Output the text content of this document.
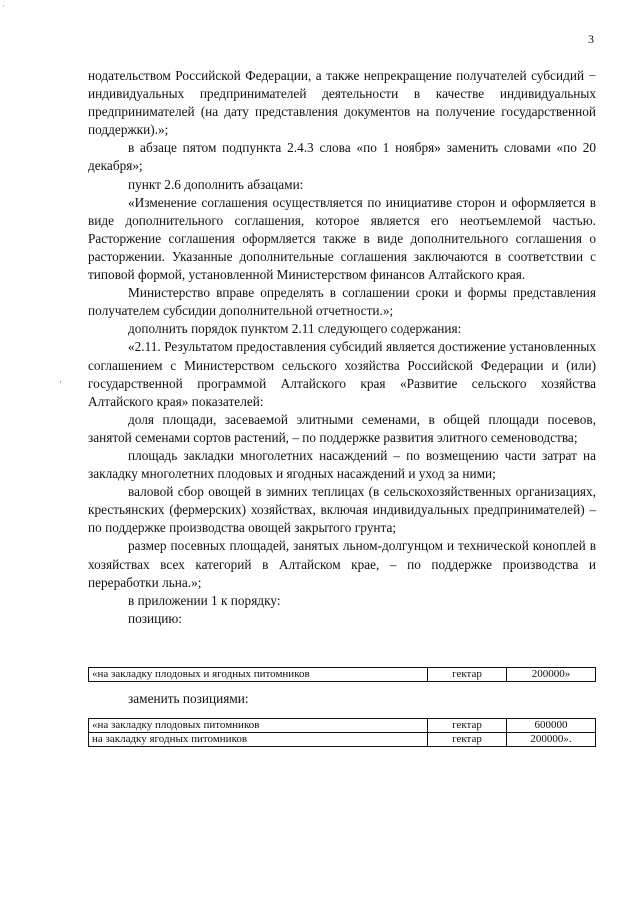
·
3
·

нодательством Российской Федерации, а также непрекращение получателей субсидий − индивидуальных предпринимателей деятельности в качестве индивидуальных предпринимателей (на дату представления документов на получение государственной поддержки).»;

в абзаце пятом подпункта 2.4.3 слова «по 1 ноября» заменить словами «по 20 декабря»;

пункт 2.6 дополнить абзацами:

«Изменение соглашения осуществляется по инициативе сторон и оформляется в виде дополнительного соглашения, которое является его неотъемлемой частью. Расторжение соглашения оформляется также в виде дополнительного соглашения о расторжении. Указанные дополнительные соглашения заключаются в соответствии с типовой формой, установленной Министерством финансов Алтайского края.

Министерство вправе определять в соглашении сроки и формы представления получателем субсидии дополнительной отчетности.»;

дополнить порядок пунктом 2.11 следующего содержания:

«2.11. Результатом предоставления субсидий является достижение установленных соглашением с Министерством сельского хозяйства Российской Федерации и (или) государственной программой Алтайского края «Развитие сельского хозяйства Алтайского края» показателей:

доля площади, засеваемой элитными семенами, в общей площади посевов, занятой семенами сортов растений, – по поддержке развития элитного семеноводства;

площадь закладки многолетних насаждений – по возмещению части затрат на закладку многолетних плодовых и ягодных насаждений и уход за ними;

валовой сбор овощей в зимних теплицах (в сельскохозяйственных организациях, крестьянских (фермерских) хозяйствах, включая индивидуальных предпринимателей) – по поддержке производства овощей закрытого грунта;

размер посевных площадей, занятых льном-долгунцом и технической коноплей в хозяйствах всех категорий в Алтайском крае, – по поддержке производства и переработки льна.»;

в приложении 1 к порядку:

позицию:

«на закладку плодовых и ягодных питомников	гектар	200000»
заменить позициями:
«на закладку плодовых питомников	гектар	600000
на закладку ягодных питомников	гектар	200000».
